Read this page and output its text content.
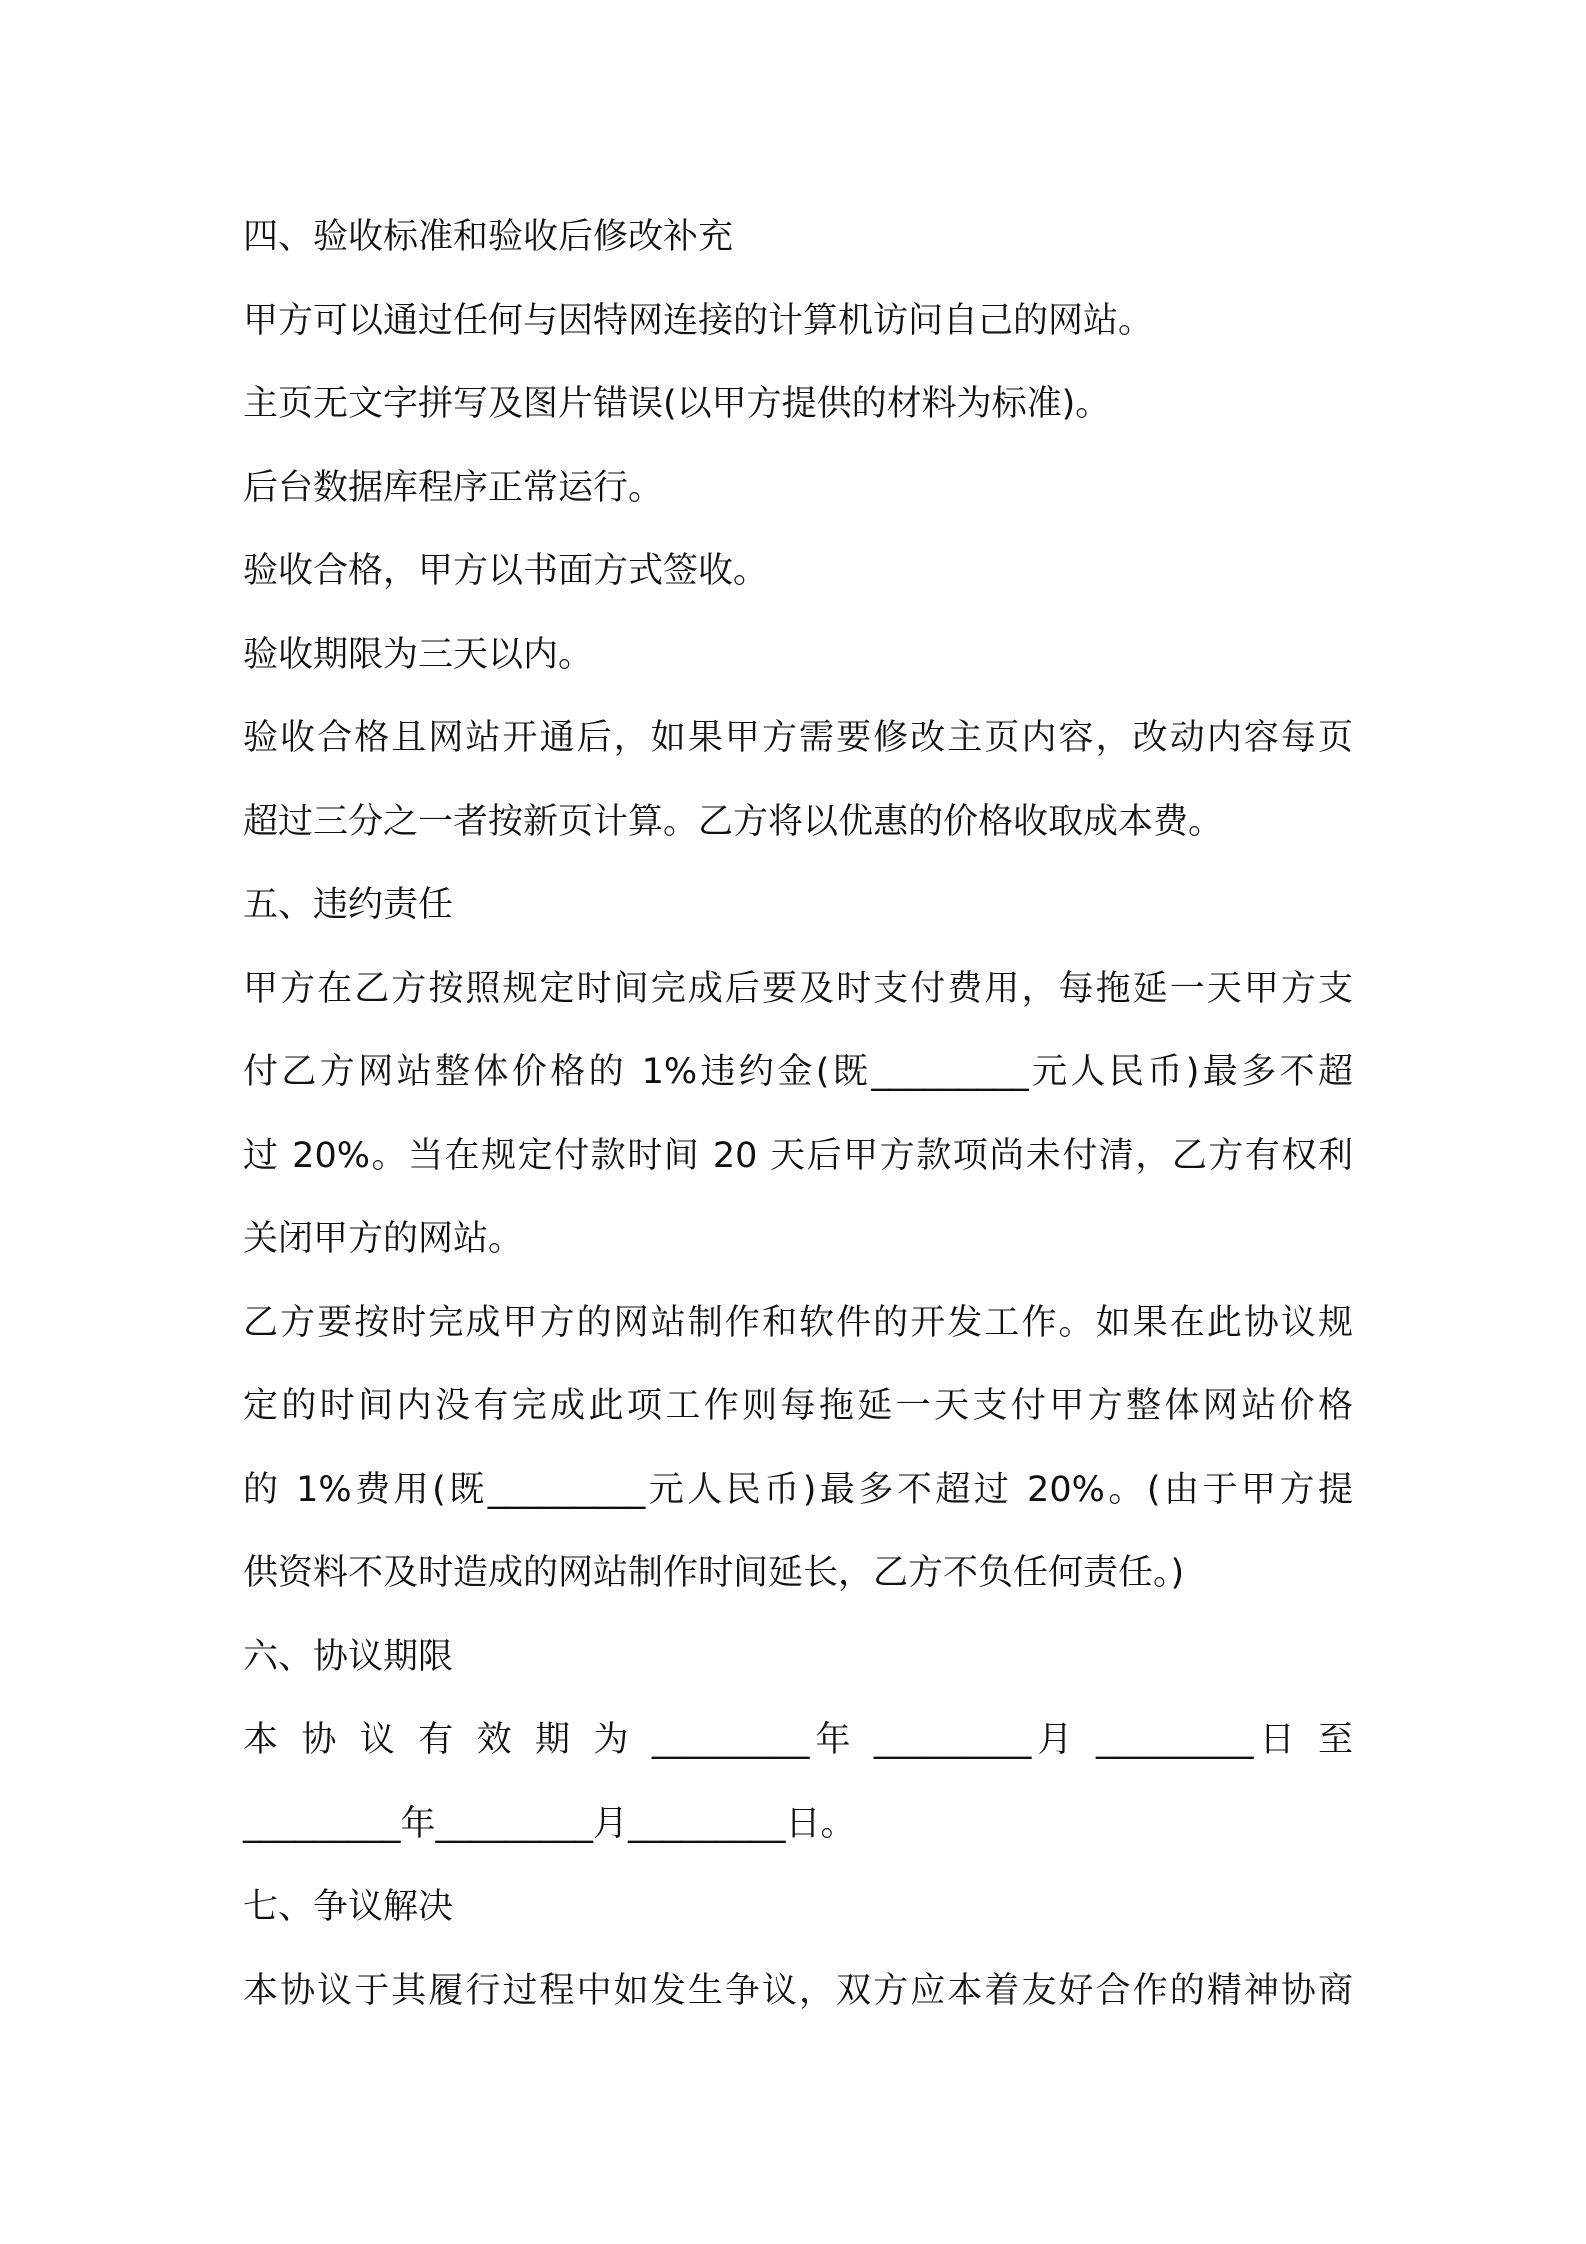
四、验收标准和验收后修改补充
甲方可以通过任何与因特网连接的计算机访问自己的网站。
主页无文字拼写及图片错误(以甲方提供的材料为标准)。
后台数据库程序正常运行。
验收合格，甲方以书面方式签收。
验收期限为三天以内。
验收合格且网站开通后，如果甲方需要修改主页内容，改动内容每页
超过三分之一者按新页计算。乙方将以优惠的价格收取成本费。
五、违约责任
甲方在乙方按照规定时间完成后要及时支付费用，每拖延一天甲方支
付乙方网站整体价格的 1%违约金(既_________元人民币)最多不超
过 20%。当在规定付款时间 20 天后甲方款项尚未付清，乙方有权利
关闭甲方的网站。
乙方要按时完成甲方的网站制作和软件的开发工作。如果在此协议规
定的时间内没有完成此项工作则每拖延一天支付甲方整体网站价格
的 1%费用(既_________元人民币)最多不超过 20%。(由于甲方提
供资料不及时造成的网站制作时间延长，乙方不负任何责任。)
六、协议期限
本 协 议 有 效 期 为 _________年 _________月 _________日 至
_________年_________月_________日。
七、争议解决
本协议于其履行过程中如发生争议，双方应本着友好合作的精神协商
